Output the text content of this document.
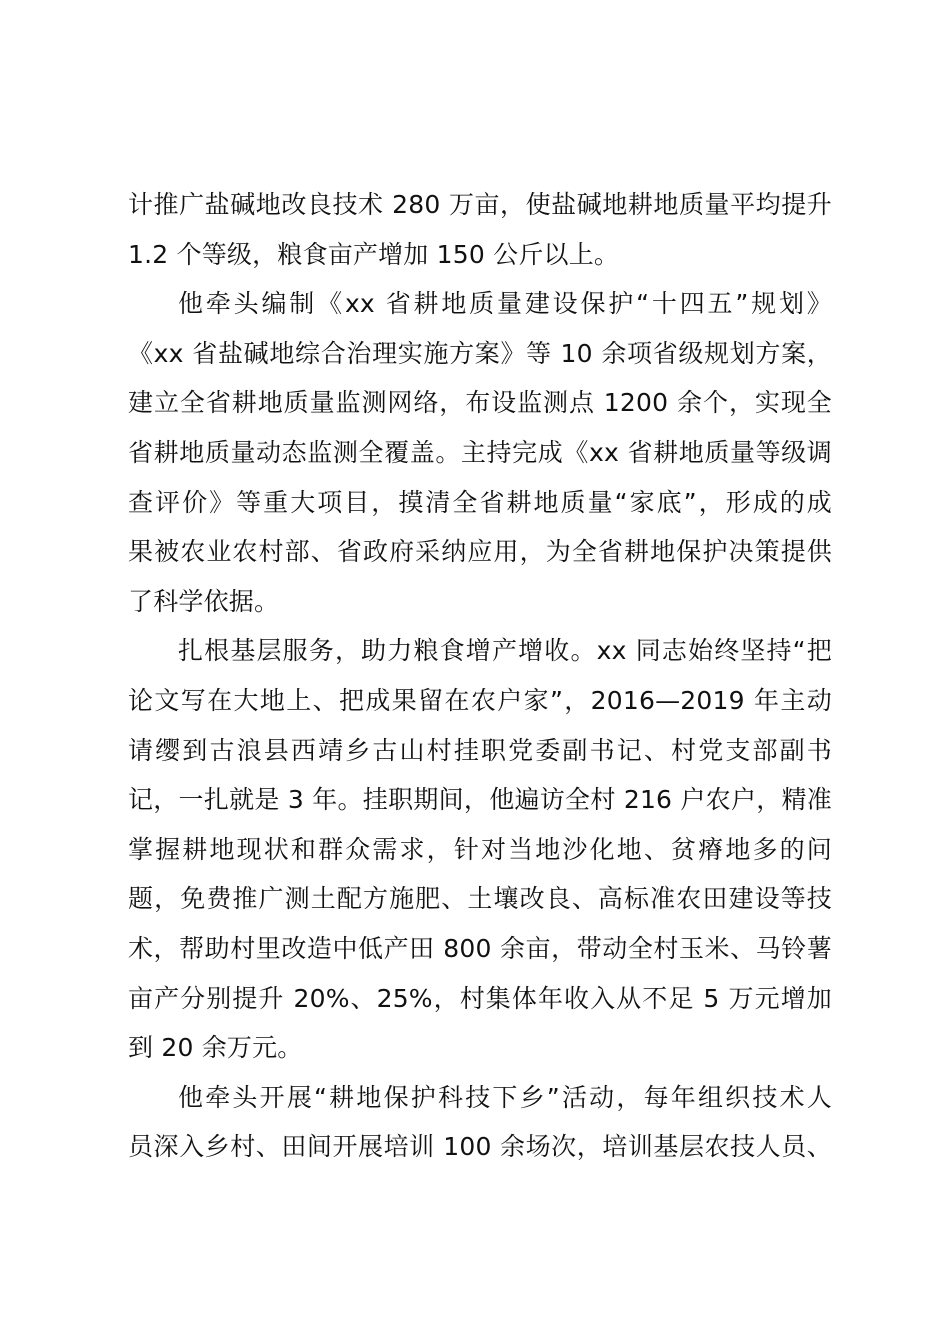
计推广盐碱地改良技术 280 万亩，使盐碱地耕地质量平均提升
1.2 个等级，粮食亩产增加 150 公斤以上。
他牵头编制《xx 省耕地质量建设保护“十四五”规划》
《xx 省盐碱地综合治理实施方案》等 10 余项省级规划方案，
建立全省耕地质量监测网络，布设监测点 1200 余个，实现全
省耕地质量动态监测全覆盖。主持完成《xx 省耕地质量等级调
查评价》等重大项目，摸清全省耕地质量“家底”，形成的成
果被农业农村部、省政府采纳应用，为全省耕地保护决策提供
了科学依据。
扎根基层服务，助力粮食增产增收。xx 同志始终坚持“把
论文写在大地上、把成果留在农户家”，2016—2019 年主动
请缨到古浪县西靖乡古山村挂职党委副书记、村党支部副书
记，一扎就是 3 年。挂职期间，他遍访全村 216 户农户，精准
掌握耕地现状和群众需求，针对当地沙化地、贫瘠地多的问
题，免费推广测土配方施肥、土壤改良、高标准农田建设等技
术，帮助村里改造中低产田 800 余亩，带动全村玉米、马铃薯
亩产分别提升 20%、25%，村集体年收入从不足 5 万元增加
到 20 余万元。
他牵头开展“耕地保护科技下乡”活动，每年组织技术人
员深入乡村、田间开展培训 100 余场次，培训基层农技人员、
